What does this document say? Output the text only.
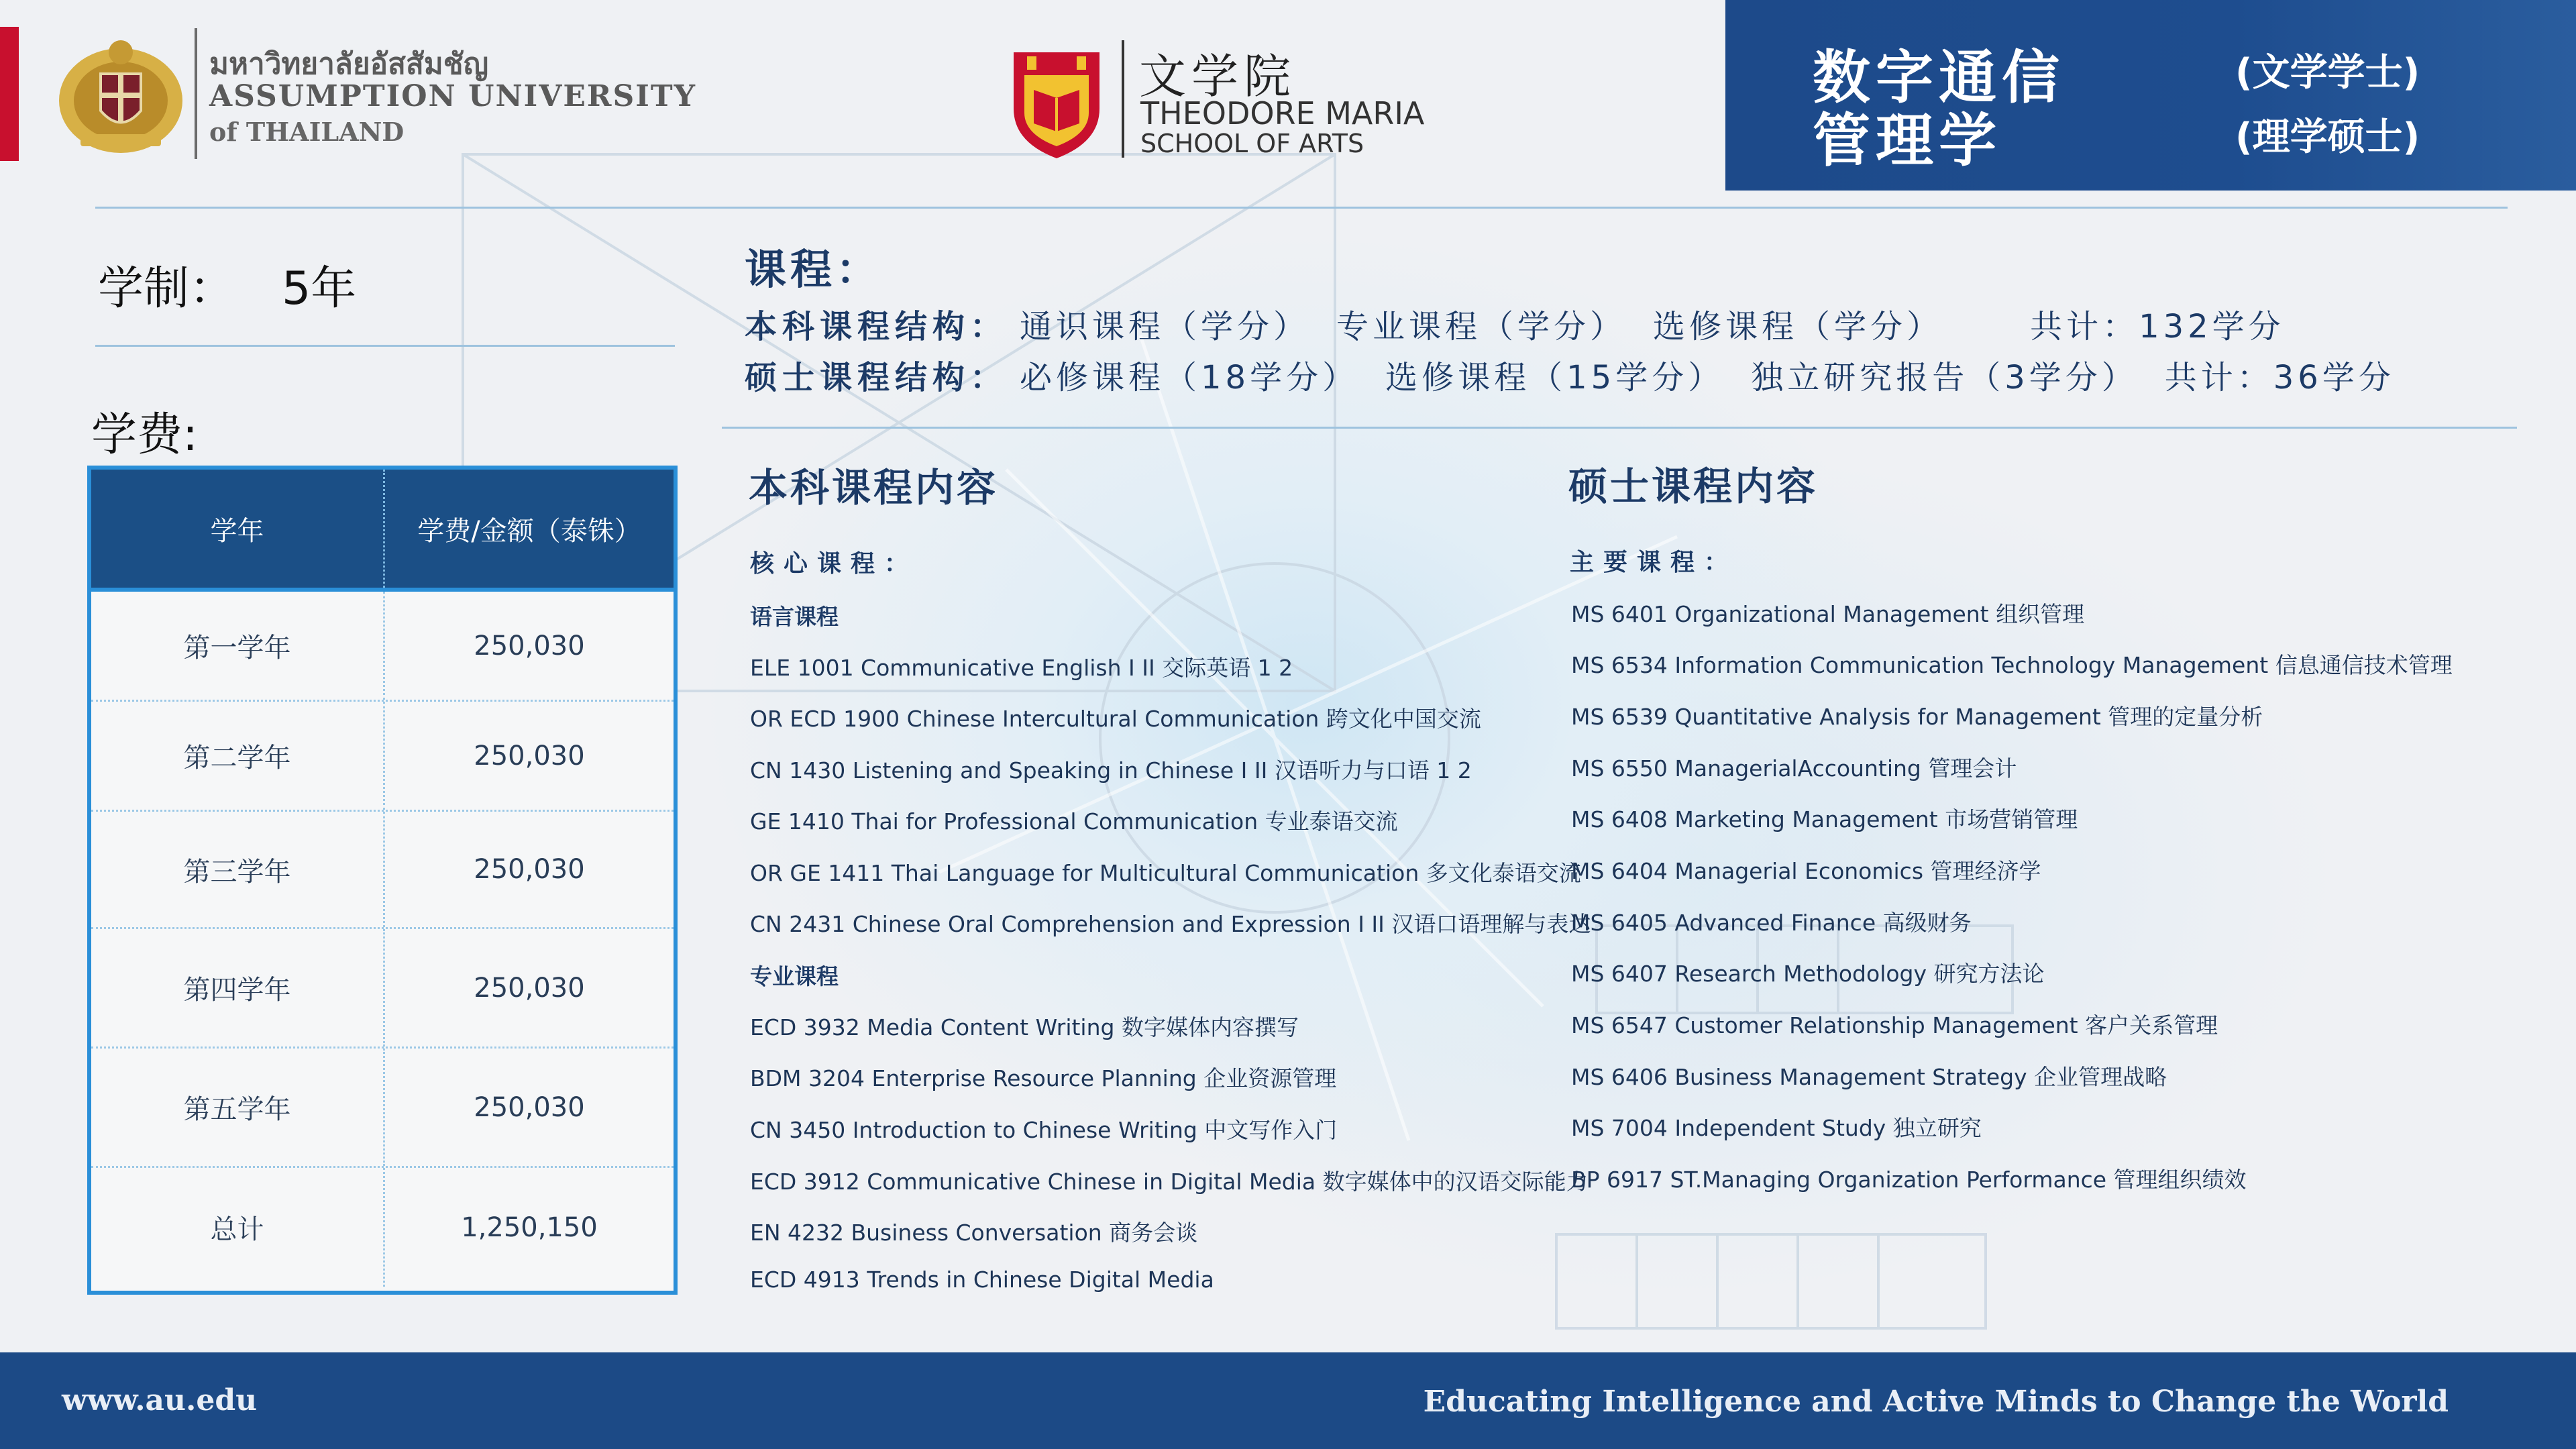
มหาวิทยาลัยอัสสัมชัญ
ASSUMPTION UNIVERSITY
of THAILAND
文学院
THEODORE MARIA
SCHOOL OF ARTS
数字通信
管理学
(文学学士)
(理学硕士)
学制： 5年
学费:
学年	学费/金额（泰铢）
第一学年	250,030
第二学年	250,030
第三学年	250,030
第四学年	250,030
第五学年	250,030
总计	1,250,150
课程：
本科课程结构： 通识课程（学分） 专业课程（学分） 选修课程（学分）	共计：132学分
硕士课程结构： 必修课程（18学分） 选修课程（15学分） 独立研究报告（3学分） 共计：36学分
本科课程内容
核心课程：
语言课程
ELE 1001 Communicative English I II 交际英语 1 2
OR ECD 1900 Chinese Intercultural Communication 跨文化中国交流
CN 1430 Listening and Speaking in Chinese I II 汉语听力与口语 1 2
GE 1410 Thai for Professional Communication 专业泰语交流
OR GE 1411 Thai Language for Multicultural Communication 多文化泰语交流
CN 2431 Chinese Oral Comprehension and Expression I II 汉语口语理解与表达
专业课程
ECD 3932 Media Content Writing 数字媒体内容撰写
BDM 3204 Enterprise Resource Planning 企业资源管理
CN 3450 Introduction to Chinese Writing 中文写作入门
ECD 3912 Communicative Chinese in Digital Media 数字媒体中的汉语交际能力
EN 4232 Business Conversation 商务会谈
ECD 4913 Trends in Chinese Digital Media
硕士课程内容
主要课程：
MS 6401 Organizational Management 组织管理
MS 6534 Information Communication Technology Management 信息通信技术管理
MS 6539 Quantitative Analysis for Management 管理的定量分析
MS 6550 ManagerialAccounting 管理会计
MS 6408 Marketing Management 市场营销管理
MS 6404 Managerial Economics 管理经济学
MS 6405 Advanced Finance 高级财务
MS 6407 Research Methodology 研究方法论
MS 6547 Customer Relationship Management 客户关系管理
MS 6406 Business Management Strategy 企业管理战略
MS 7004 Independent Study 独立研究
BP 6917 ST.Managing Organization Performance 管理组织绩效
www.au.edu	Educating Intelligence and Active Minds to Change the World
